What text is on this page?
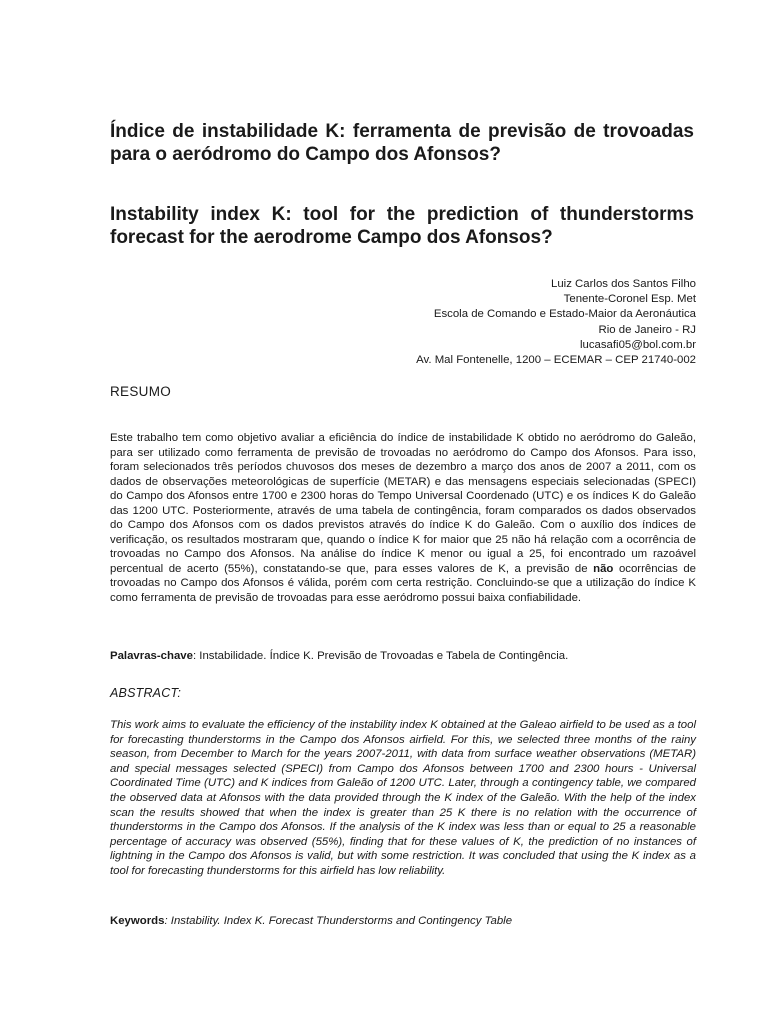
Índice de instabilidade K: ferramenta de previsão de trovoadas para o aeródromo do Campo dos Afonsos?
Instability index K: tool for the prediction of thunderstorms forecast for the aerodrome Campo dos Afonsos?
Luiz Carlos dos Santos Filho
Tenente-Coronel Esp. Met
Escola de Comando e Estado-Maior da Aeronáutica
Rio de Janeiro - RJ
lucasafi05@bol.com.br
Av. Mal Fontenelle, 1200 – ECEMAR – CEP 21740-002
RESUMO

Este trabalho tem como objetivo avaliar a eficiência do índice de instabilidade K obtido no aeródromo do Galeão, para ser utilizado como ferramenta de previsão de trovoadas no aeródromo do Campo dos Afonsos. Para isso, foram selecionados três períodos chuvosos dos meses de dezembro a março dos anos de 2007 a 2011, com os dados de observações meteorológicas de superfície (METAR) e das mensagens especiais selecionadas (SPECI) do Campo dos Afonsos entre 1700 e 2300 horas do Tempo Universal Coordenado (UTC) e os índices K do Galeão das 1200 UTC. Posteriormente, através de uma tabela de contingência, foram comparados os dados observados do Campo dos Afonsos com os dados previstos através do índice K do Galeão. Com o auxílio dos índices de verificação, os resultados mostraram que, quando o índice K for maior que 25 não há relação com a ocorrência de trovoadas no Campo dos Afonsos. Na análise do índice K menor ou igual a 25, foi encontrado um razoável percentual de acerto (55%), constatando-se que, para esses valores de K, a previsão de não ocorrências de trovoadas no Campo dos Afonsos é válida, porém com certa restrição. Concluindo-se que a utilização do índice K como ferramenta de previsão de trovoadas para esse aeródromo possui baixa confiabilidade.

Palavras-chave: Instabilidade. Índice K. Previsão de Trovoadas e Tabela de Contingência.

ABSTRACT:

This work aims to evaluate the efficiency of the instability index K obtained at the Galeao airfield to be used as a tool for forecasting thunderstorms in the Campo dos Afonsos airfield. For this, we selected three months of the rainy season, from December to March for the years 2007-2011, with data from surface weather observations (METAR) and special messages selected (SPECI) from Campo dos Afonsos between 1700 and 2300 hours - Universal Coordinated Time (UTC) and K indices from Galeão of 1200 UTC. Later, through a contingency table, we compared the observed data at Afonsos with the data provided through the K index of the Galeão. With the help of the index scan the results showed that when the index is greater than 25 K there is no relation with the occurrence of thunderstorms in the Campo dos Afonsos. If the analysis of the K index was less than or equal to 25 a reasonable percentage of accuracy was observed (55%), finding that for these values of K, the prediction of no instances of lightning in the Campo dos Afonsos is valid, but with some restriction. It was concluded that using the K index as a tool for forecasting thunderstorms for this airfield has low reliability.

Keywords: Instability. Index K. Forecast Thunderstorms and Contingency Table
